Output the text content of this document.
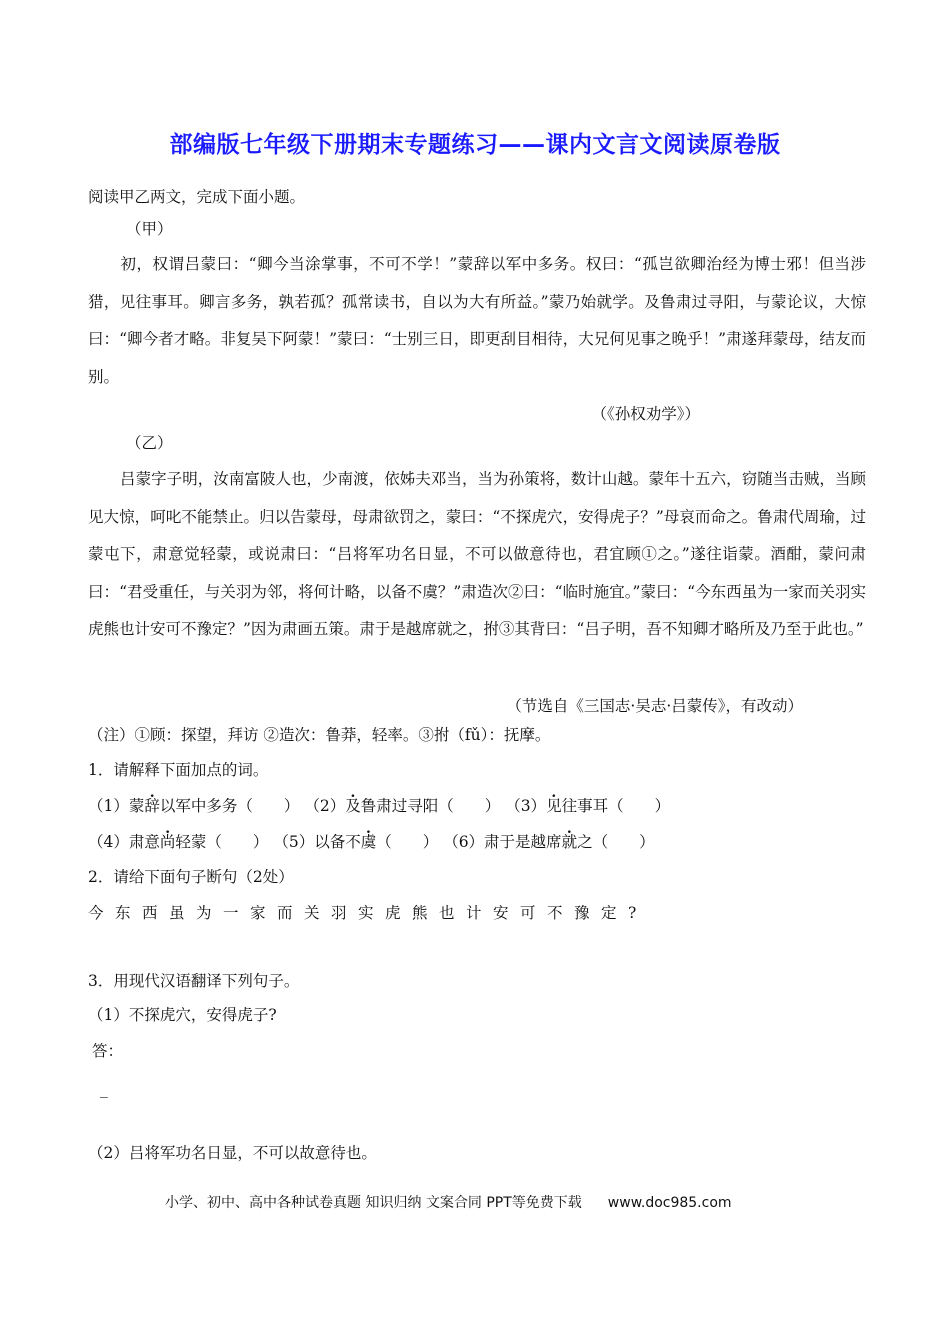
部编版七年级下册期末专题练习——课内文言文阅读原卷版
阅读甲乙两文，完成下面小题。
（甲）

初，权谓吕蒙曰：“卿今当涂掌事，不可不学！”蒙辞以军中多务。权曰：“孤岂欲卿治经为博士邪！但当涉猎，见往事耳。卿言多务，孰若孤？孤常读书，自以为大有所益。”蒙乃始就学。及鲁肃过寻阳，与蒙论议，大惊曰：“卿今者才略。非复吴下阿蒙！”蒙曰：“士别三日，即更刮目相待，大兄何见事之晚乎！”肃遂拜蒙母，结友而别。

（《孙权劝学》）
（乙）

吕蒙字子明，汝南富陂人也，少南渡，依姊夫邓当，当为孙策将，数计山越。蒙年十五六，窃随当击贼，当顾见大惊，呵叱不能禁止。归以告蒙母，母肃欲罚之，蒙曰：“不探虎穴，安得虎子？”母哀而命之。鲁肃代周瑜，过蒙屯下，肃意觉轻蒙，或说肃曰：“吕将军功名日显，不可以做意待也，君宜顾①之。”遂往诣蒙。酒酣，蒙问肃曰：“君受重任，与关羽为邻，将何计略，以备不虞？”肃造次②曰：“临时施宜。”蒙曰：“今东西虽为一家而关羽实虎熊也计安可不豫定？”因为肃画五策。肃于是越席就之，拊③其背曰：“吕子明，吾不知卿才略所及乃至于此也。”

（节选自《三国志·吴志·吕蒙传》，有改动）
（注）①顾：探望，拜访 ②造次：鲁莽，轻率。③拊（fǔ）：抚摩。
1．请解释下面加点的词。
（1）蒙辞以军中多务（　　） （2）及鲁肃过寻阳（　　） （3）见往事耳（　　）
（4）肃意尚轻蒙（　　） （5）以备不虞（　　） （6）肃于是越席就之（　　）
2．请给下面句子断句（2处）
今东西虽为一家而关羽实虎熊也计安可不豫定?
3．用现代汉语翻译下列句子。
（1）不探虎穴，安得虎子?
答：
_
（2）吕将军功名日显，不可以故意待也。
小学、初中、高中各种试卷真题 知识归纳 文案合同 PPT等免费下载 www.doc985.com
